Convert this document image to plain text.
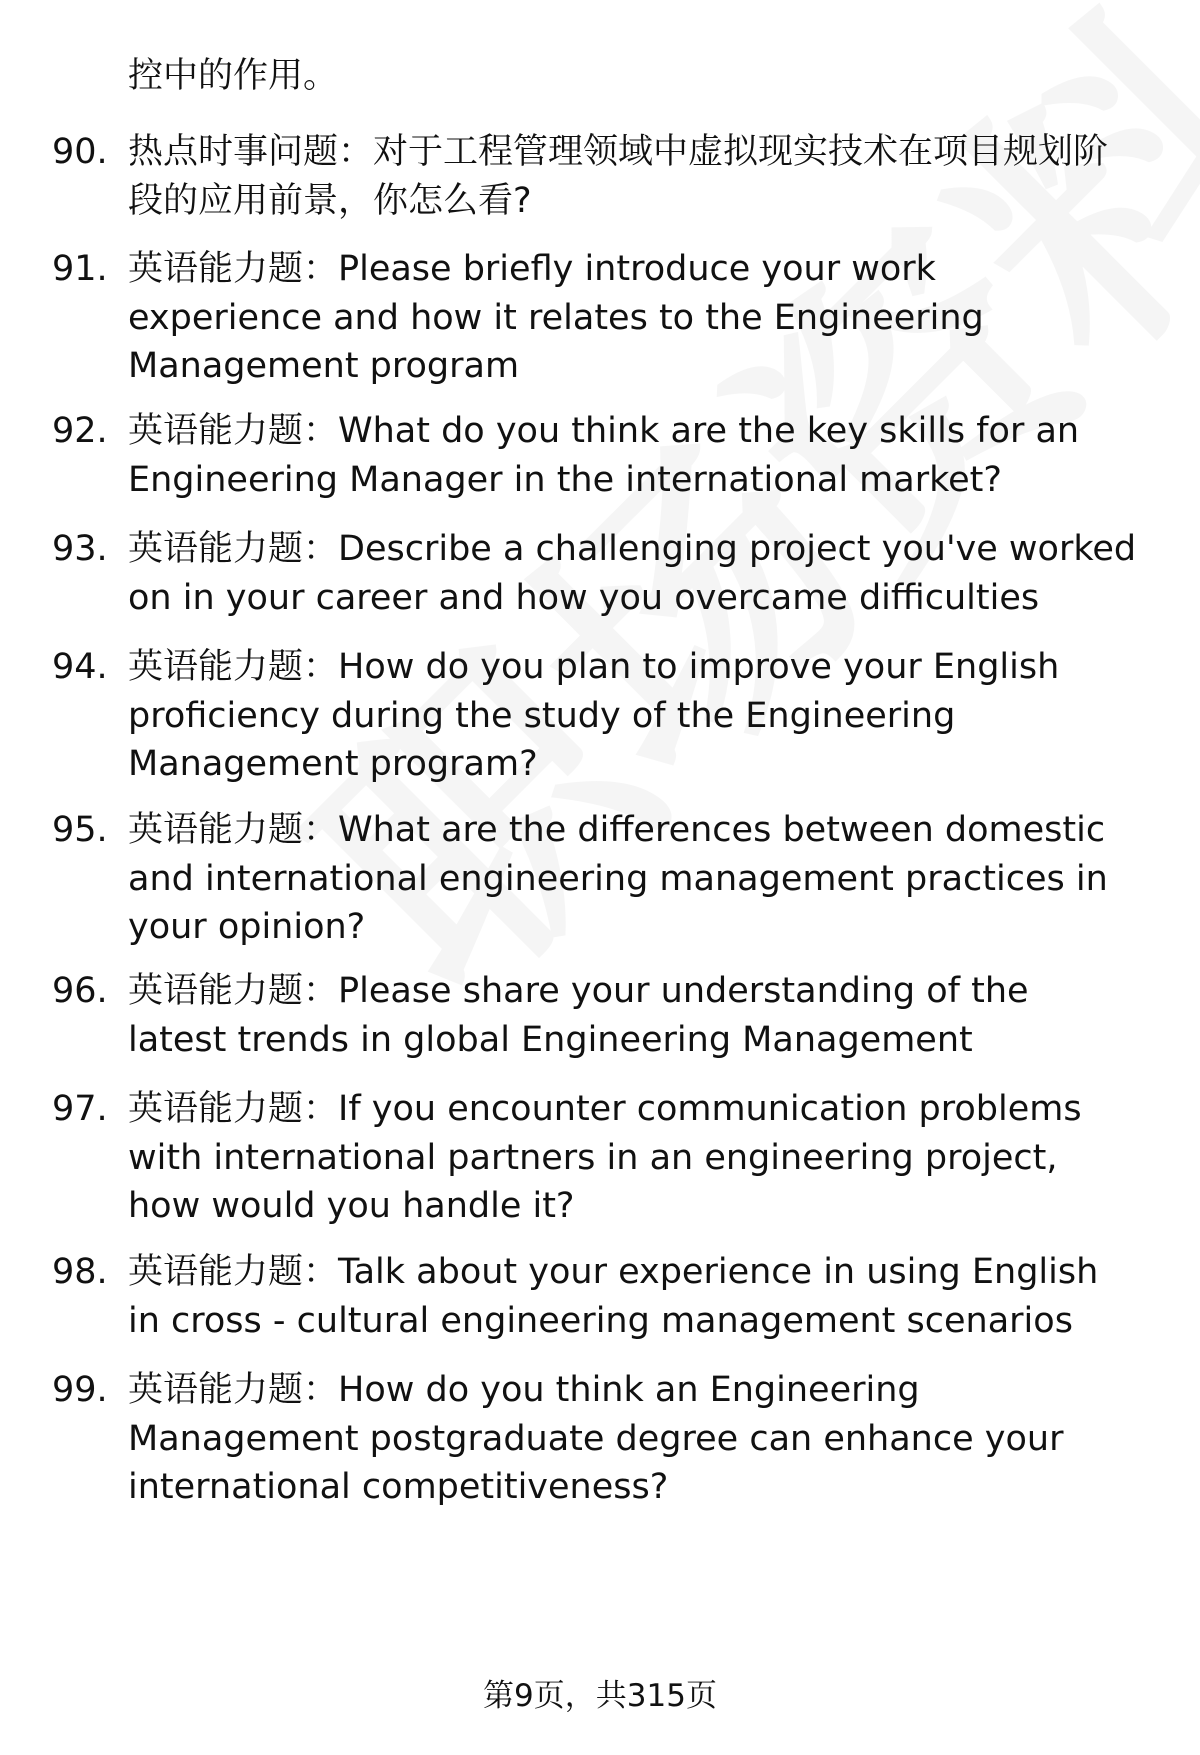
控中的作用。
90. 热点时事问题：对于工程管理领域中虚拟现实技术在项目规划阶段的应用前景，你怎么看?
91. 英语能力题：Please briefly introduce your work experience and how it relates to the Engineering Management program
92. 英语能力题：What do you think are the key skills for an Engineering Manager in the international market?
93. 英语能力题：Describe a challenging project you've worked on in your career and how you overcame difficulties
94. 英语能力题：How do you plan to improve your English proficiency during the study of the Engineering Management program?
95. 英语能力题：What are the differences between domestic and international engineering management practices in your opinion?
96. 英语能力题：Please share your understanding of the latest trends in global Engineering Management
97. 英语能力题：If you encounter communication problems with international partners in an engineering project, how would you handle it?
98. 英语能力题：Talk about your experience in using English in cross - cultural engineering management scenarios
99. 英语能力题：How do you think an Engineering Management postgraduate degree can enhance your international competitiveness?
第9页，共315页
